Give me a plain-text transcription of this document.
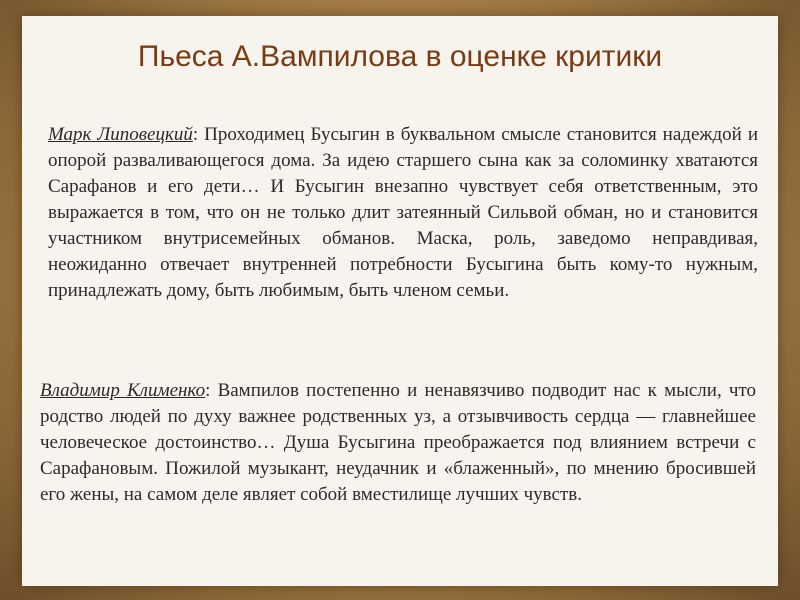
Пьеса А.Вампилова в оценке критики

Марк Липовецкий: Проходимец Бусыгин в буквальном смысле становится надеждой и опорой разваливающегося дома. За идею старшего сына как за соломинку хватаются Сарафанов и его дети… И Бусыгин внезапно чувствует себя ответственным, это выражается в том, что он не только длит затеянный Сильвой обман, но и становится участником внутрисемейных обманов. Маска, роль, заведомо неправдивая, неожиданно отвечает внутренней потребности Бусыгина быть кому-то нужным, принадлежать дому, быть любимым, быть членом семьи.

Владимир Клименко: Вампилов постепенно и ненавязчиво подводит нас к мысли, что родство людей по духу важнее родственных уз, а отзывчивость сердца — главнейшее человеческое достоинство… Душа Бусыгина преображается под влиянием встречи с Сарафановым. Пожилой музыкант, неудачник и «блаженный», по мнению бросившей его жены, на самом деле являет собой вместилище лучших чувств.
